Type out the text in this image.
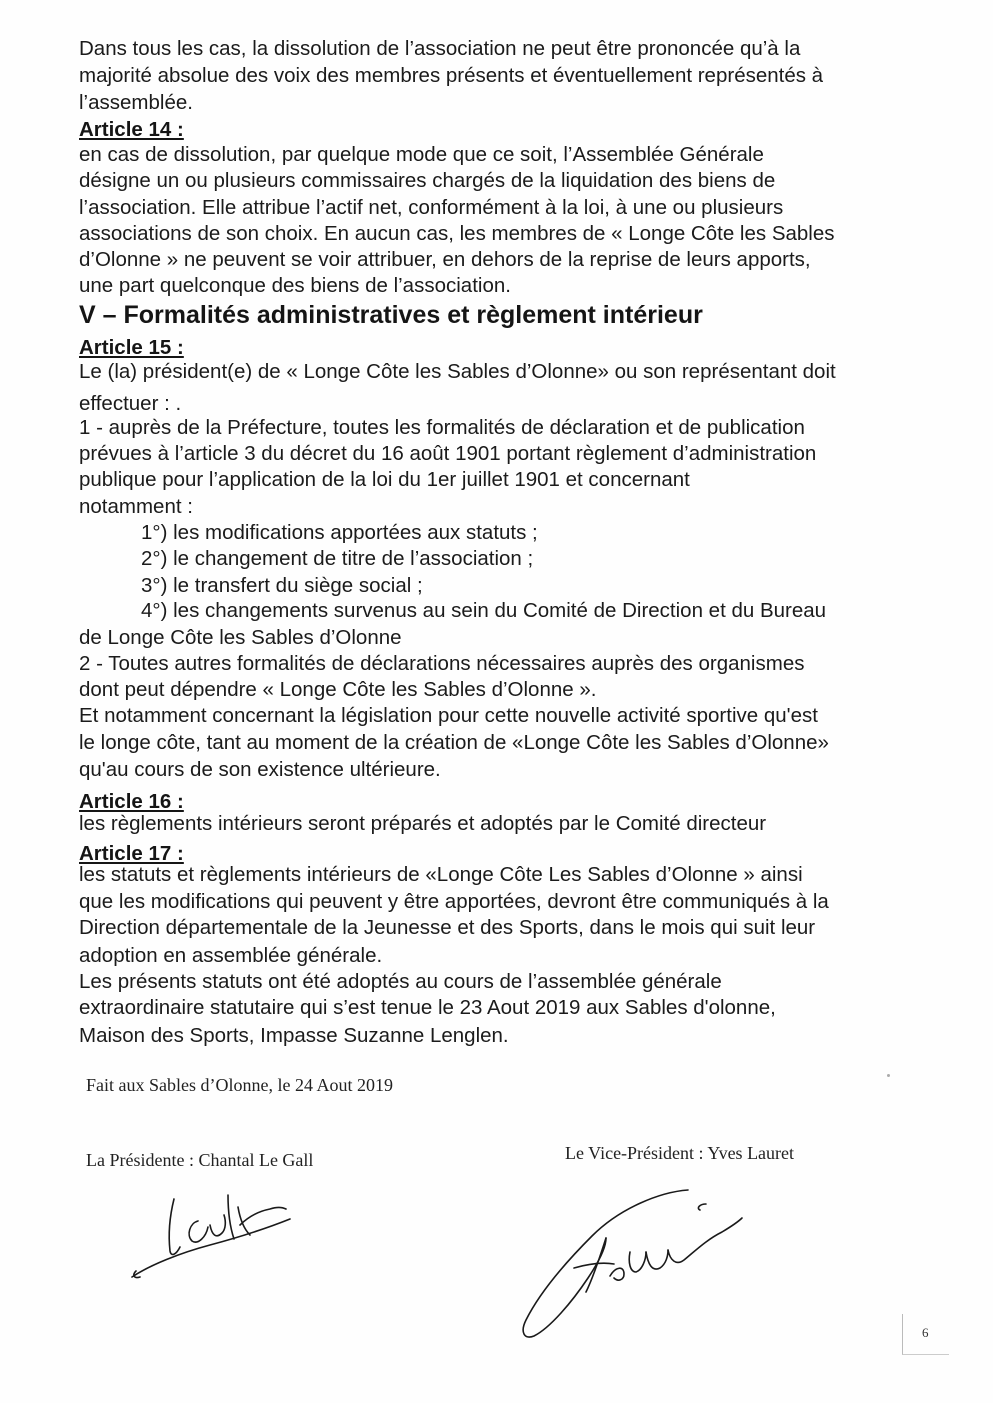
Dans tous les cas, la dissolution de l’association ne peut être prononcée qu’à la
majorité absolue des voix des membres présents et éventuellement représentés à
l’assemblée.
Article 14 :
en cas de dissolution, par quelque mode que ce soit, l’Assemblée Générale
désigne un ou plusieurs commissaires chargés de la liquidation des biens de
l’association. Elle attribue l’actif net, conformément à la loi, à une ou plusieurs
associations de son choix. En aucun cas, les membres de « Longe Côte les Sables
d’Olonne » ne peuvent se voir attribuer, en dehors de la reprise de leurs apports,
une part quelconque des biens de l’association.
V – Formalités administratives et règlement intérieur
Article 15 :
Le (la) président(e) de « Longe Côte les Sables d’Olonne» ou son représentant doit
effectuer : .
1 - auprès de la Préfecture, toutes les formalités de déclaration et de publication
prévues à l’article 3 du décret du 16 août 1901 portant règlement d’administration
publique pour l’application de la loi du 1er juillet 1901 et concernant
notamment :
1°) les modifications apportées aux statuts ;
2°) le changement de titre de l’association ;
3°) le transfert du siège social ;
4°) les changements survenus au sein du Comité de Direction et du Bureau
de Longe Côte les Sables d’Olonne
2 - Toutes autres formalités de déclarations nécessaires auprès des organismes
dont peut dépendre « Longe Côte les Sables d’Olonne ».
Et notamment concernant la législation pour cette nouvelle activité sportive qu'est
le longe côte, tant au moment de la création de «Longe Côte les Sables d’Olonne»
qu'au cours de son existence ultérieure.
Article 16 :
les règlements intérieurs seront préparés et adoptés par le Comité directeur
Article 17 :
les statuts et règlements intérieurs de «Longe Côte Les Sables d’Olonne » ainsi
que les modifications qui peuvent y être apportées, devront être communiqués à la
Direction départementale de la Jeunesse et des Sports, dans le mois qui suit leur
adoption en assemblée générale.
Les présents statuts ont été adoptés au cours de l’assemblée générale
extraordinaire statutaire qui s’est tenue le 23 Aout 2019 aux Sables d'olonne,
Maison des Sports, Impasse Suzanne Lenglen.
Fait aux Sables d’Olonne, le 24 Aout 2019
La Présidente : Chantal Le Gall	Le Vice-Président : Yves Lauret
6
